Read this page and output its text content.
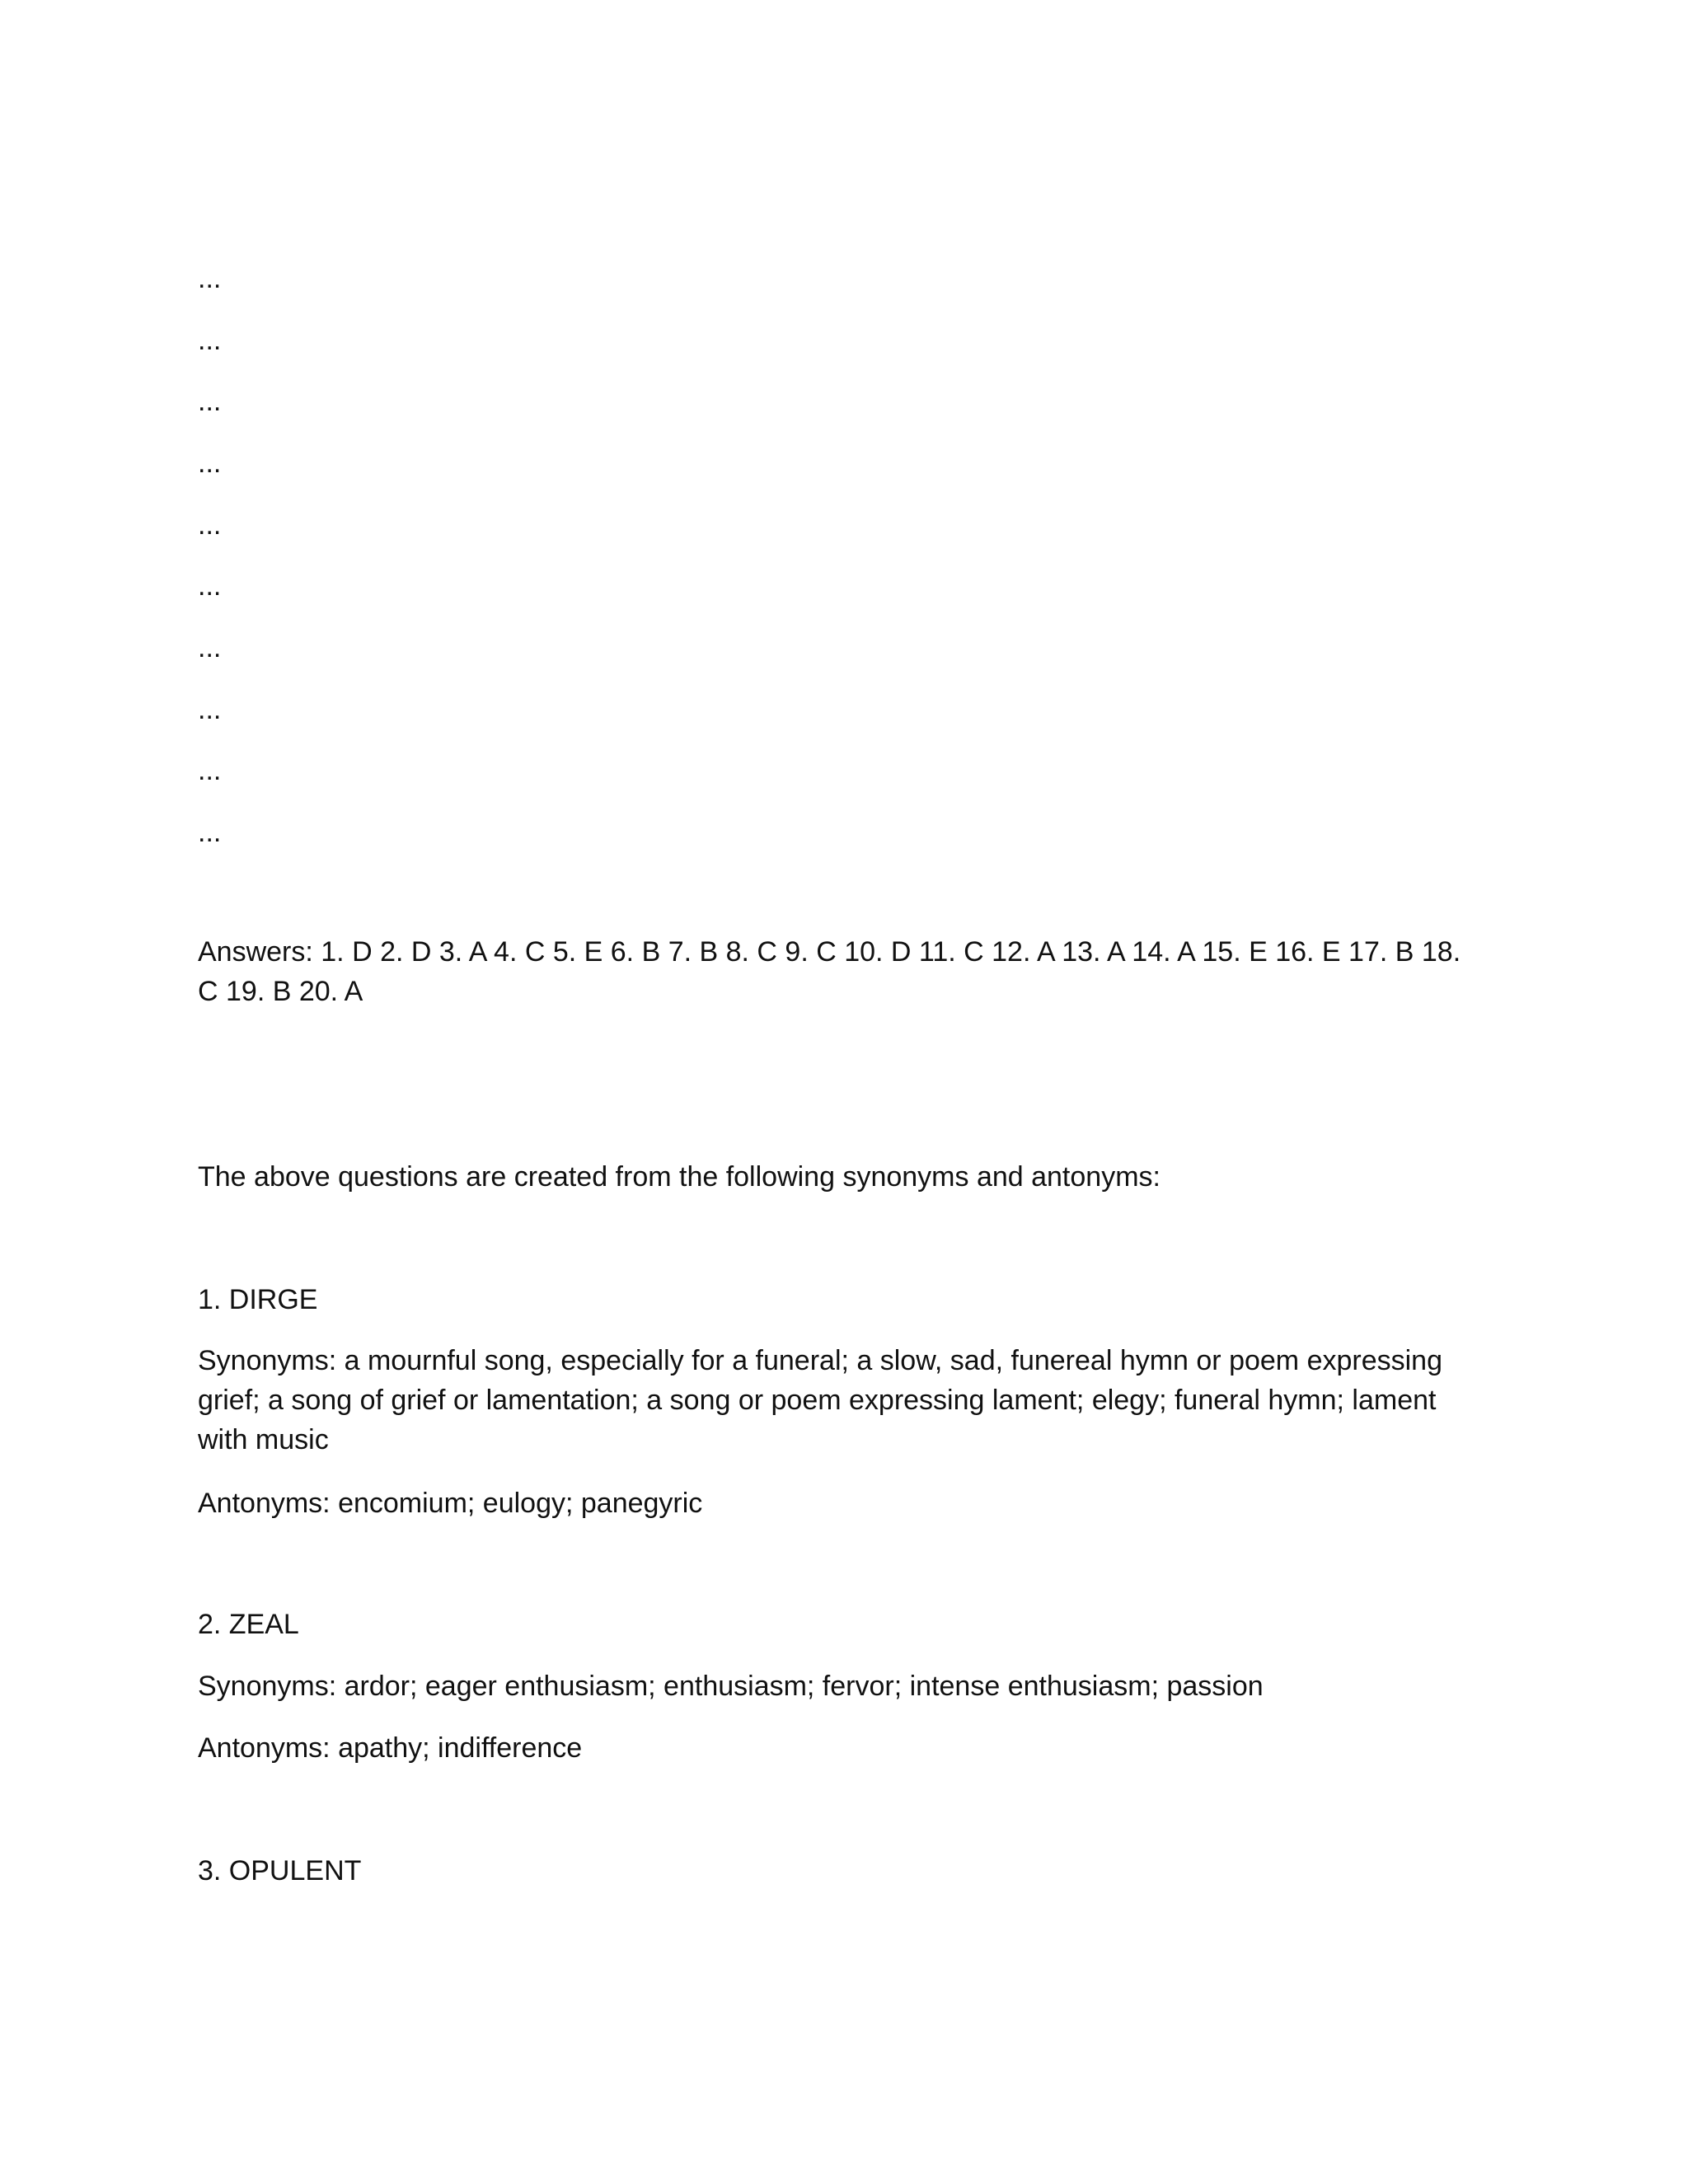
...
...
...
...
...
...
...
...
...
...
Answers: 1. D 2. D 3. A 4. C 5. E 6. B 7. B 8. C 9. C 10. D 11. C 12. A 13. A 14. A 15. E 16. E 17. B 18. C 19. B 20. A
The above questions are created from the following synonyms and antonyms:
1. DIRGE
Synonyms: a mournful song, especially for a funeral; a slow, sad, funereal hymn or poem expressing grief; a song of grief or lamentation; a song or poem expressing lament; elegy; funeral hymn; lament with music
Antonyms: encomium; eulogy; panegyric
2. ZEAL
Synonyms: ardor; eager enthusiasm; enthusiasm; fervor; intense enthusiasm; passion
Antonyms: apathy; indifference
3. OPULENT
